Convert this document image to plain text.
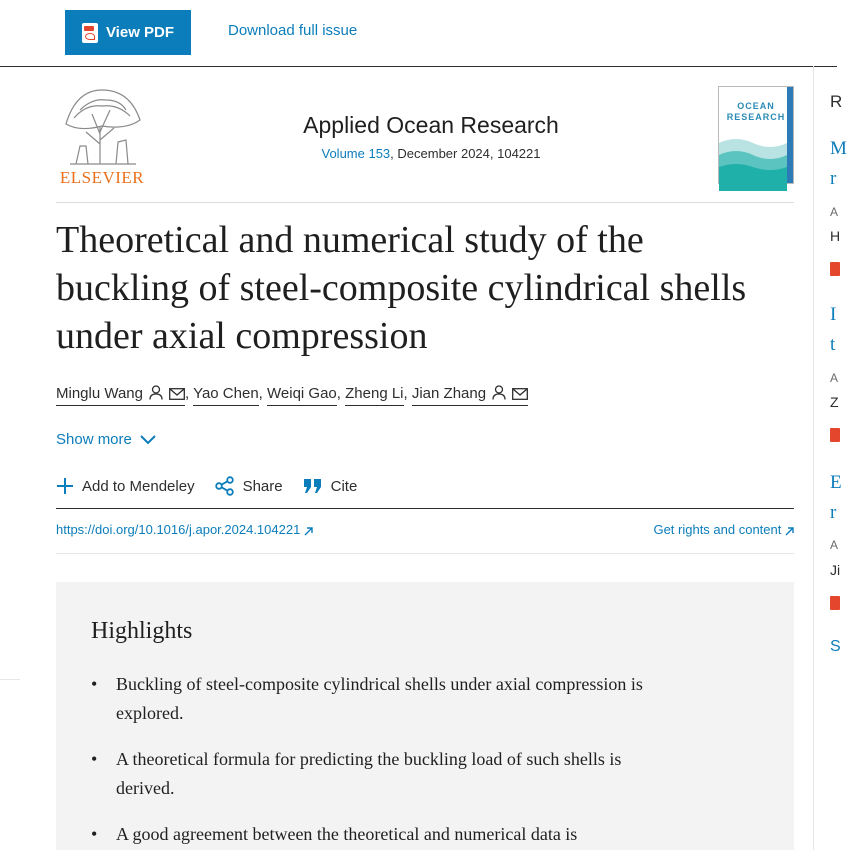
View PDF	Download full issue
ELSEVIER
Applied Ocean Research
Volume 153, December 2024, 104221
OCEAN RESEARCH
Theoretical and numerical study of the buckling of steel-composite cylindrical shells under axial compression
Minglu Wang	, Yao Chen, Weiqi Gao, Zheng Li, Jian Zhang
Show more
Add to Mendeley	Share	Cite
https://doi.org/10.1016/j.apor.2024.104221	Get rights and content
Highlights
• Buckling of steel-composite cylindrical shells under axial compression is explored.
• A theoretical formula for predicting the buckling load of such shells is derived.
• A good agreement between the theoretical and numerical data is
R
M
r
A
H
I
t
A
Z
E
r
A
Ji
S
